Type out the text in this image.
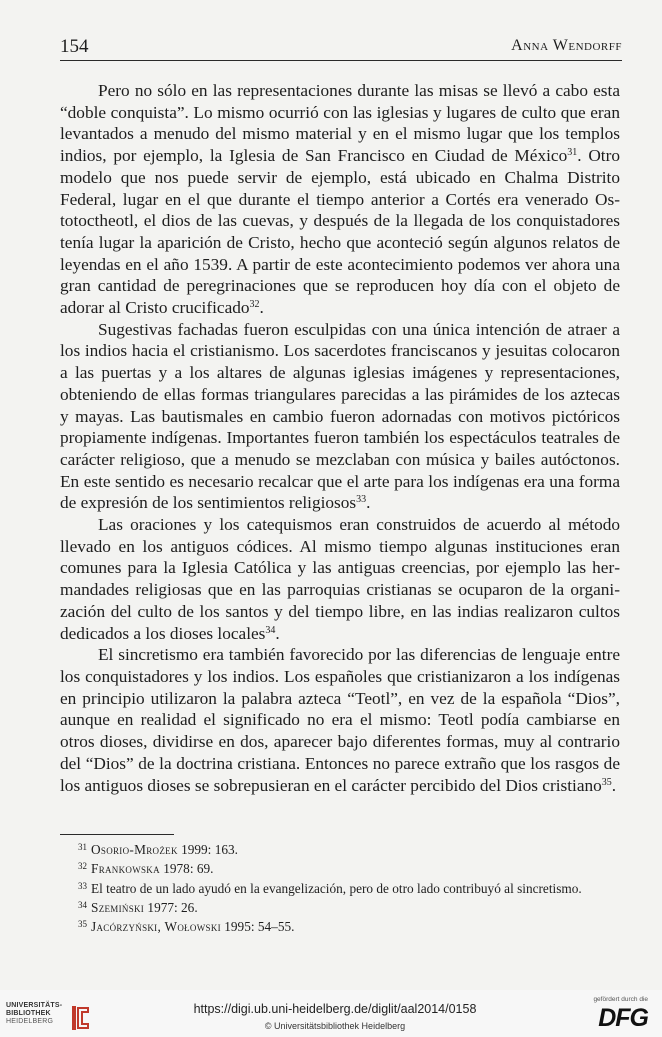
154	Anna Wendorff

Pero no sólo en las representaciones durante las misas se llevó a cabo esta “doble conquista”. Lo mismo ocurrió con las iglesias y lugares de culto que eran levantados a menudo del mismo material y en el mismo lugar que los templos indios, por ejemplo, la Iglesia de San Francisco en Ciudad de México$^{31}$. Otro modelo que nos puede servir de ejemplo, está ubicado en Chalma Distrito Federal, lugar en el que durante el tiempo anterior a Cortés era venerado Ostotoctheotl, el dios de las cuevas, y después de la llegada de los conquistadores tenía lugar la aparición de Cristo, hecho que aconteció según algunos relatos de leyendas en el año 1539. A partir de este acontecimiento podemos ver ahora una gran cantidad de peregrinaciones que se reproducen hoy día con el objeto de adorar al Cristo crucificado$^{32}$.

Sugestivas fachadas fueron esculpidas con una única intención de atraer a los indios hacia el cristianismo. Los sacerdotes franciscanos y jesuitas colocaron a las puertas y a los altares de algunas iglesias imágenes y representaciones, obteniendo de ellas formas triangulares parecidas a las pirámides de los aztecas y mayas. Las bautismales en cambio fueron adornadas con motivos pictóricos propiamente indígenas. Importantes fueron también los espectáculos teatrales de carácter religioso, que a menudo se mezclaban con música y bailes autóctonos. En este sentido es necesario recalcar que el arte para los indígenas era una forma de expresión de los sentimientos religiosos$^{33}$.

Las oraciones y los catequismos eran construidos de acuerdo al método llevado en los antiguos códices. Al mismo tiempo algunas instituciones eran comunes para la Iglesia Católica y las antiguas creencias, por ejemplo las hermandades religiosas que en las parroquias cristianas se ocuparon de la organización del culto de los santos y del tiempo libre, en las indias realizaron cultos dedicados a los dioses locales$^{34}$.

El sincretismo era también favorecido por las diferencias de lenguaje entre los conquistadores y los indios. Los españoles que cristianizaron a los indígenas en principio utilizaron la palabra azteca “Teotl”, en vez de la española “Dios”, aunque en realidad el significado no era el mismo: Teotl podía cambiarse en otros dioses, dividirse en dos, aparecer bajo diferentes formas, muy al contrario del “Dios” de la doctrina cristiana. Entonces no parece extraño que los rasgos de los antiguos dioses se sobrepusieran en el carácter percibido del Dios cristiano$^{35}$.

$^{31}$ Osorio-Mrożek 1999: 163.
$^{32}$ Frankowska 1978: 69.
$^{33}$ El teatro de un lado ayudó en la evangelización, pero de otro lado contribuyó al sincretismo.
$^{34}$ Szemiński 1977: 26.
$^{35}$ Jacórzyński, Wołowski 1995: 54–55.
UNIVERSITÄTS-
BIBLIOTHEK
HEIDELBERG
https://digi.ub.uni-heidelberg.de/diglit/aal2014/0158
© Universitätsbibliothek Heidelberg
gefördert durch die
DFG
